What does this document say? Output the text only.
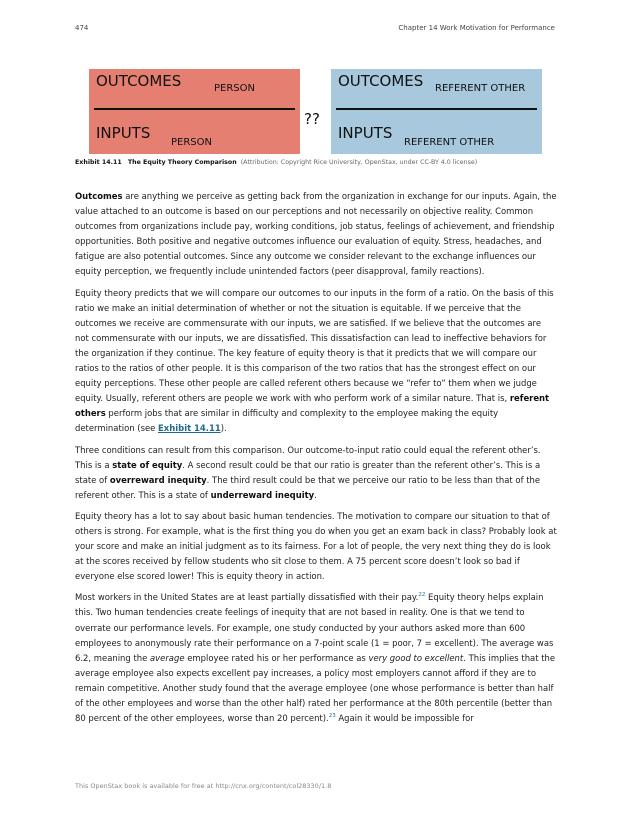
474	Chapter 14 Work Motivation for Performance
OUTCOMES	PERSON
INPUTS
PERSON
??
OUTCOMES REFERENT OTHER
INPUTS
REFERENT OTHER
Exhibit 14.11 The Equity Theory Comparison (Attribution: Copyright Rice University, OpenStax, under CC-BY 4.0 license)

Outcomes are anything we perceive as getting back from the organization in exchange for our inputs. Again, the value attached to an outcome is based on our perceptions and not necessarily on objective reality. Common outcomes from organizations include pay, working conditions, job status, feelings of achievement, and friendship opportunities. Both positive and negative outcomes influence our evaluation of equity. Stress, headaches, and fatigue are also potential outcomes. Since any outcome we consider relevant to the exchange influences our equity perception, we frequently include unintended factors (peer disapproval, family reactions).

Equity theory predicts that we will compare our outcomes to our inputs in the form of a ratio. On the basis of this ratio we make an initial determination of whether or not the situation is equitable. If we perceive that the outcomes we receive are commensurate with our inputs, we are satisfied. If we believe that the outcomes are not commensurate with our inputs, we are dissatisfied. This dissatisfaction can lead to ineffective behaviors for the organization if they continue. The key feature of equity theory is that it predicts that we will compare our ratios to the ratios of other people. It is this comparison of the two ratios that has the strongest effect on our equity perceptions. These other people are called referent others because we “refer to” them when we judge equity. Usually, referent others are people we work with who perform work of a similar nature. That is, referent others perform jobs that are similar in difficulty and complexity to the employee making the equity determination (see Exhibit 14.11).

Three conditions can result from this comparison. Our outcome-to-input ratio could equal the referent other’s. This is a state of equity. A second result could be that our ratio is greater than the referent other’s. This is a state of overreward inequity. The third result could be that we perceive our ratio to be less than that of the referent other. This is a state of underreward inequity.

Equity theory has a lot to say about basic human tendencies. The motivation to compare our situation to that of others is strong. For example, what is the first thing you do when you get an exam back in class? Probably look at your score and make an initial judgment as to its fairness. For a lot of people, the very next thing they do is look at the scores received by fellow students who sit close to them. A 75 percent score doesn’t look so bad if everyone else scored lower! This is equity theory in action.

Most workers in the United States are at least partially dissatisfied with their pay.$^{22}$ Equity theory helps explain this. Two human tendencies create feelings of inequity that are not based in reality. One is that we tend to overrate our performance levels. For example, one study conducted by your authors asked more than 600 employees to anonymously rate their performance on a 7-point scale (1 = poor, 7 = excellent). The average was 6.2, meaning the average employee rated his or her performance as very good to excellent. This implies that the average employee also expects excellent pay increases, a policy most employers cannot afford if they are to remain competitive. Another study found that the average employee (one whose performance is better than half of the other employees and worse than the other half) rated her performance at the 80th percentile (better than 80 percent of the other employees, worse than 20 percent).$^{23}$ Again it would be impossible for

This OpenStax book is available for free at http://cnx.org/content/col28330/1.8
